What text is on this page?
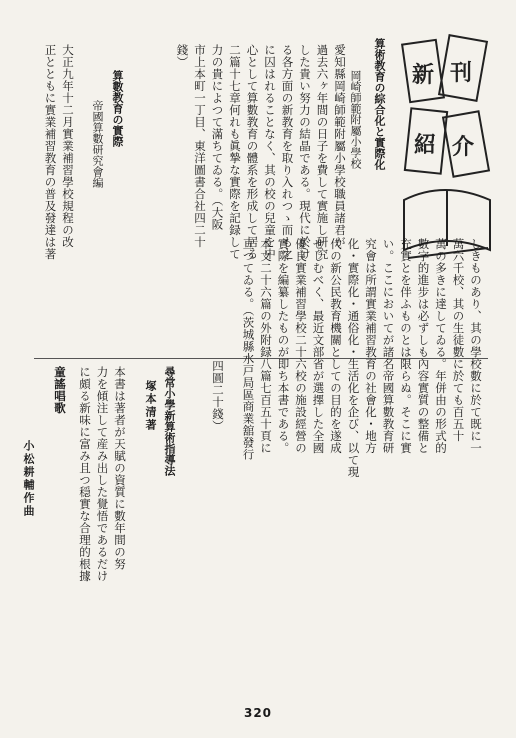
新 刊
紹 介
算術教育の綜合化と實際化
岡崎師範附屬小學校
愛知縣岡崎師範附屬小學校職員諸君が
過去六ヶ年間の日子を費して實施し研究
した貴い努力の結晶である。現代に於け
る各方面の新教育を取り入れつゝ而も之
に囚はれることなく、其の校の兒童を中
心として算數教育の體系を形成して居る
二篇十七章何れも眞摯な實際を記録して
力の貴によつて滿ちてゐる。（大阪
市上本町一丁目、東洋圖書合社四二十
錢）
算數教育の實際
帝國算數研究會編
大正九年十二月實業補習學校規程の改
正とともに實業補習教育の普及發達は著
しきものあり、其の學校數に於て既に一
萬六千校、其の生徒數に於ても百五十
萬の多きに達してゐる。年併由の形式的
數字的進步は必ずしも內容實質の整備と
充實とを伴ふものとは限らぬ。そこに實
い。ここにおいてが諸名帝國算數教育研
究會は所謂實業補習教育の社會化・地方
化・實際化・通俗化・生活化を企び、以て現
代の新公民教育機關としての目的を遂成
せしむべく、最近文部省が選擇した全國
優良實業補習學校二十六校の施設經營の
實際を編纂したものが即ち本書である。
本文二十六篇の外附録八篇七百五十頁に
亘つてゐる。（茨城縣水戸局區商業舘發行
四圓二十錢）
尋常小學新算術指導法
塚本清著
本書は著者が天賦の資質に數年間の努
力を傾注して産み出した覺悟であるだけ
に頗る新味に富み且つ穏實な合理的根據
童謠唱歌
小松耕輔作曲
320
